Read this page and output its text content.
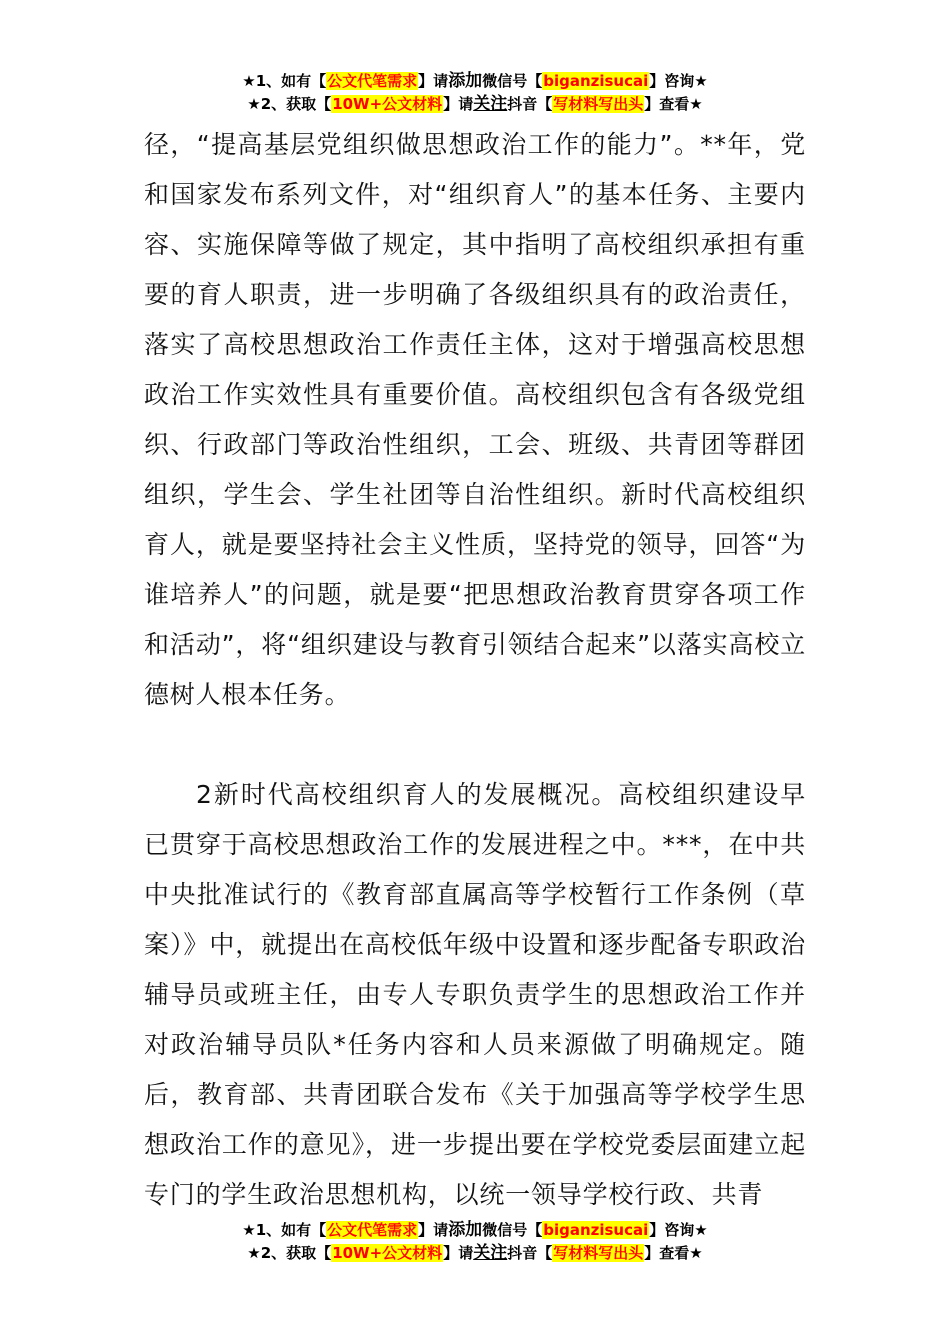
★1、如有【公文代笔需求】请添加微信号【biganzisucai】咨询★
★2、获取【10W+公文材料】请关注抖音【写材料写出头】查看★
径，“提高基层党组织做思想政治工作的能力”。**年，党和国家发布系列文件，对“组织育人”的基本任务、主要内容、实施保障等做了规定，其中指明了高校组织承担有重要的育人职责，进一步明确了各级组织具有的政治责任，落实了高校思想政治工作责任主体，这对于增强高校思想政治工作实效性具有重要价值。高校组织包含有各级党组织、行政部门等政治性组织，工会、班级、共青团等群团组织，学生会、学生社团等自治性组织。新时代高校组织育人，就是要坚持社会主义性质，坚持党的领导，回答“为谁培养人”的问题，就是要“把思想政治教育贯穿各项工作和活动”，将“组织建设与教育引领结合起来”以落实高校立德树人根本任务。
2新时代高校组织育人的发展概况。高校组织建设早已贯穿于高校思想政治工作的发展进程之中。***，在中共中央批准试行的《教育部直属高等学校暂行工作条例（草案）》中，就提出在高校低年级中设置和逐步配备专职政治辅导员或班主任，由专人专职负责学生的思想政治工作并对政治辅导员队*任务内容和人员来源做了明确规定。随后，教育部、共青团联合发布《关于加强高等学校学生思想政治工作的意见》，进一步提出要在学校党委层面建立起专门的学生政治思想机构，以统一领导学校行政、共青
★1、如有【公文代笔需求】请添加微信号【biganzisucai】咨询★
★2、获取【10W+公文材料】请关注抖音【写材料写出头】查看★
